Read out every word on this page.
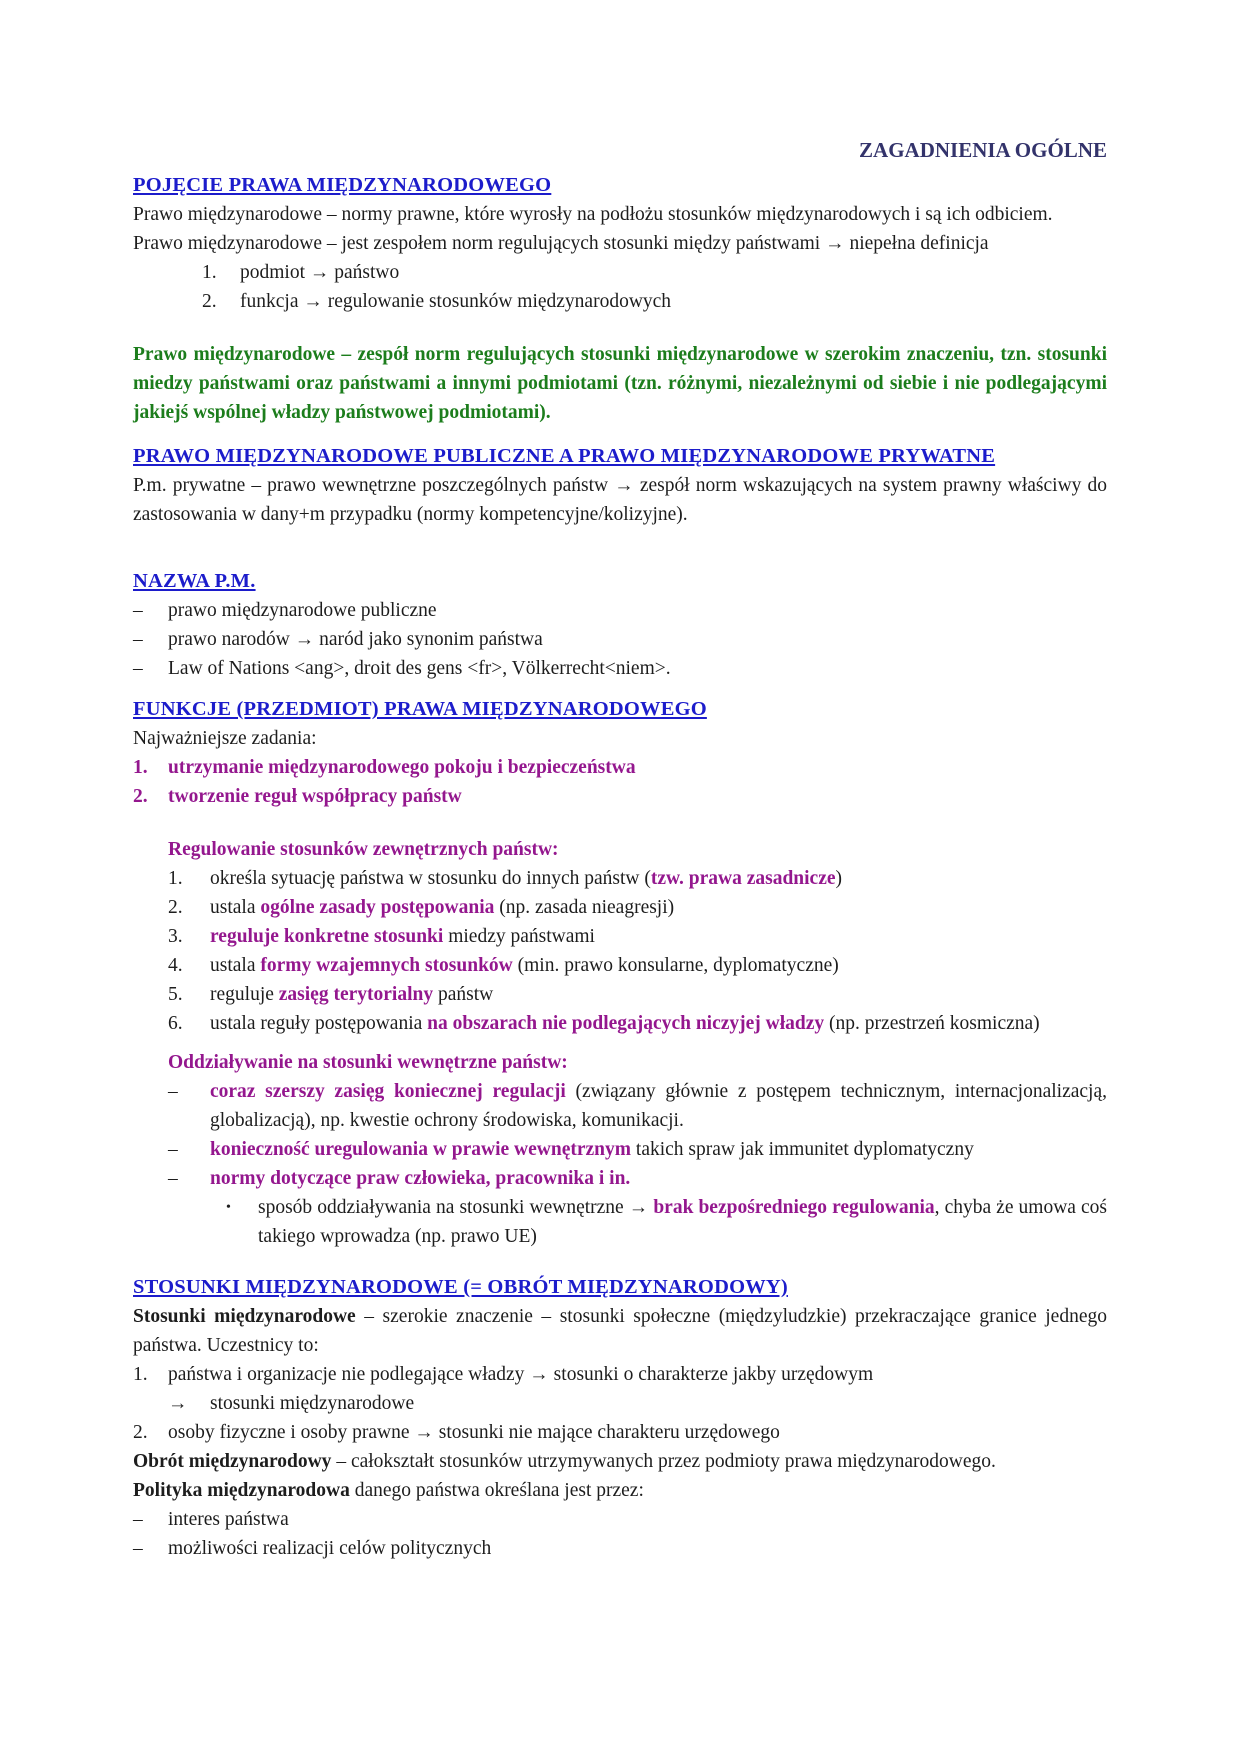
ZAGADNIENIA OGÓLNE
POJĘCIE PRAWA MIĘDZYNARODOWEGO
Prawo międzynarodowe – normy prawne, które wyrosły na podłożu stosunków międzynarodowych i są ich odbiciem.
Prawo międzynarodowe – jest zespołem norm regulujących stosunki między państwami → niepełna definicja
1.	podmiot → państwo
2.	funkcja → regulowanie stosunków międzynarodowych
Prawo międzynarodowe – zespół norm regulujących stosunki międzynarodowe w szerokim znaczeniu, tzn. stosunki miedzy państwami oraz państwami a innymi podmiotami (tzn. różnymi, niezależnymi od siebie i nie podlegającymi jakiejś wspólnej władzy państwowej podmiotami).
PRAWO MIĘDZYNARODOWE PUBLICZNE A PRAWO MIĘDZYNARODOWE PRYWATNE
P.m. prywatne – prawo wewnętrzne poszczególnych państw → zespół norm wskazujących na system prawny właściwy do zastosowania w dany+m przypadku (normy kompetencyjne/kolizyjne).
NAZWA P.M.
–	prawo międzynarodowe publiczne
–	prawo narodów → naród jako synonim państwa
–	Law of Nations <ang>, droit des gens <fr>, Völkerrecht<niem>.
FUNKCJE (PRZEDMIOT) PRAWA MIĘDZYNARODOWEGO
Najważniejsze zadania:
1.	utrzymanie międzynarodowego pokoju i bezpieczeństwa
2.	tworzenie reguł współpracy państw
Regulowanie stosunków zewnętrznych państw:
1.	określa sytuację państwa w stosunku do innych państw (tzw. prawa zasadnicze)
2.	ustala ogólne zasady postępowania (np. zasada nieagresji)
3.	reguluje konkretne stosunki miedzy państwami
4.	ustala formy wzajemnych stosunków (min. prawo konsularne, dyplomatyczne)
5.	reguluje zasięg terytorialny państw
6.	ustala reguły postępowania na obszarach nie podlegających niczyjej władzy (np. przestrzeń kosmiczna)
Oddziaływanie na stosunki wewnętrzne państw:
–	coraz szerszy zasięg koniecznej regulacji (związany głównie z postępem technicznym, internacjonalizacją, globalizacją), np. kwestie ochrony środowiska, komunikacji.
–	konieczność uregulowania w prawie wewnętrznym takich spraw jak immunitet dyplomatyczny
–	normy dotyczące praw człowieka, pracownika i in.
•	sposób oddziaływania na stosunki wewnętrzne → brak bezpośredniego regulowania, chyba że umowa coś takiego wprowadza (np. prawo UE)
STOSUNKI MIĘDZYNARODOWE (= OBRÓT MIĘDZYNARODOWY)
Stosunki międzynarodowe – szerokie znaczenie – stosunki społeczne (międzyludzkie) przekraczające granice jednego państwa. Uczestnicy to:
1.	państwa i organizacje nie podlegające władzy → stosunki o charakterze jakby urzędowym
→	stosunki międzynarodowe
2.	osoby fizyczne i osoby prawne → stosunki nie mające charakteru urzędowego
Obrót międzynarodowy – całokształt stosunków utrzymywanych przez podmioty prawa międzynarodowego.
Polityka międzynarodowa danego państwa określana jest przez:
–	interes państwa
–	możliwości realizacji celów politycznych
